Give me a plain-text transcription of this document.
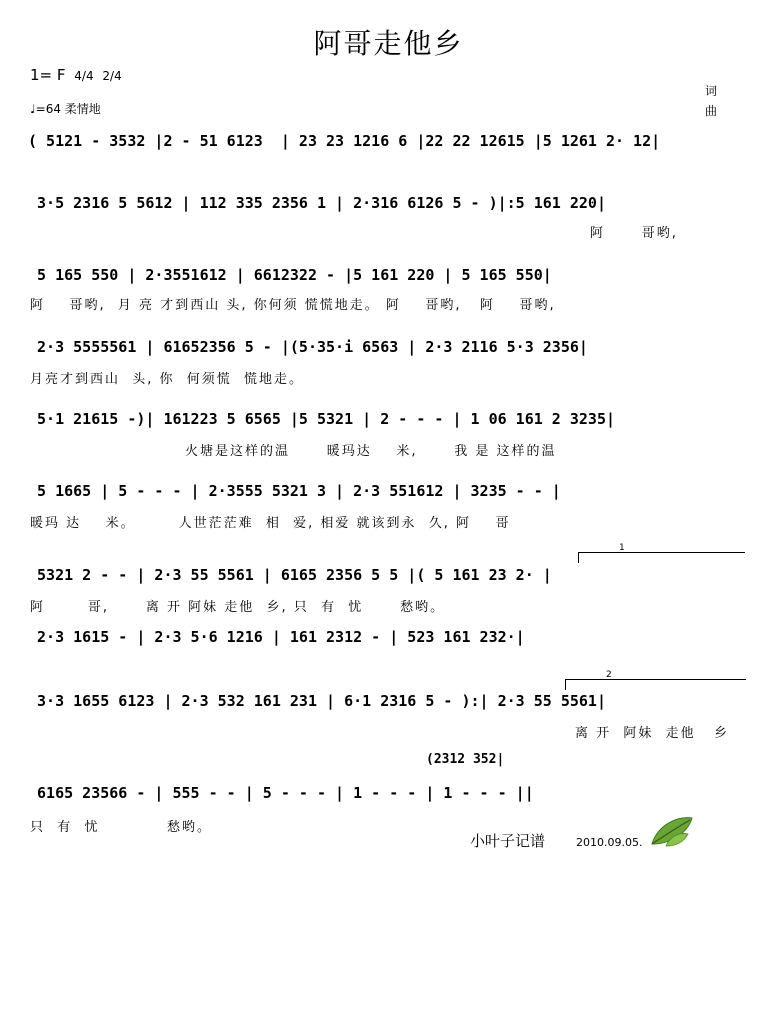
阿哥走他乡
1= F 4/4 2/4
♩=64 柔情地
词
曲
( 5121 - 3532 |2 - 51 6123  | 23 23 1216 6 |22 22 12615 |5 1261 2· 12|
3·5 2316 5 5612 | 112 335 2356 1 | 2·316 6126 5 - )|:5 161 220|
阿      哥哟,
5 165 550 | 2·3551612 | 6612322 - |5 161 220 | 5 165 550|
阿    哥哟,  月 亮 才到西山 头, 你何须 慌慌地走。 阿    哥哟,   阿    哥哟,
2·3 5555561 | 61652356 5 - |(5·35·i 6563 | 2·3 2116 5·3 2356|
月亮才到西山  头, 你  何须慌  慌地走。
5·1 21615 -)| 161223 5 6565 |5 5321 | 2 - - - | 1 06 161 2 3235|
火塘是这样的温      暖玛达    米,      我 是 这样的温
5 1665 | 5 - - - | 2·3555 5321 3 | 2·3 551612 | 3235 - - |
暖玛 达    米。       人世茫茫难  相  爱, 相爱 就该到永  久, 阿    哥
1
5321 2 - - | 2·3 55 5561 | 6165 2356 5 5 |( 5 161 23 2· |
阿       哥,      离 开 阿妹 走他  乡, 只  有  忧      愁哟。
2·3 1615 - | 2·3 5·6 1216 | 161 2312 - | 523 161 232·|
2
3·3 1655 6123 | 2·3 532 161 231 | 6·1 2316 5 - ):| 2·3 55 5561|
离 开  阿妹  走他   乡
(2312 352|
6165 23566 - | 555 - - | 5 - - - | 1 - - - | 1 - - - ||
只  有  忧           愁哟。
小叶子记谱	2010.09.05.
